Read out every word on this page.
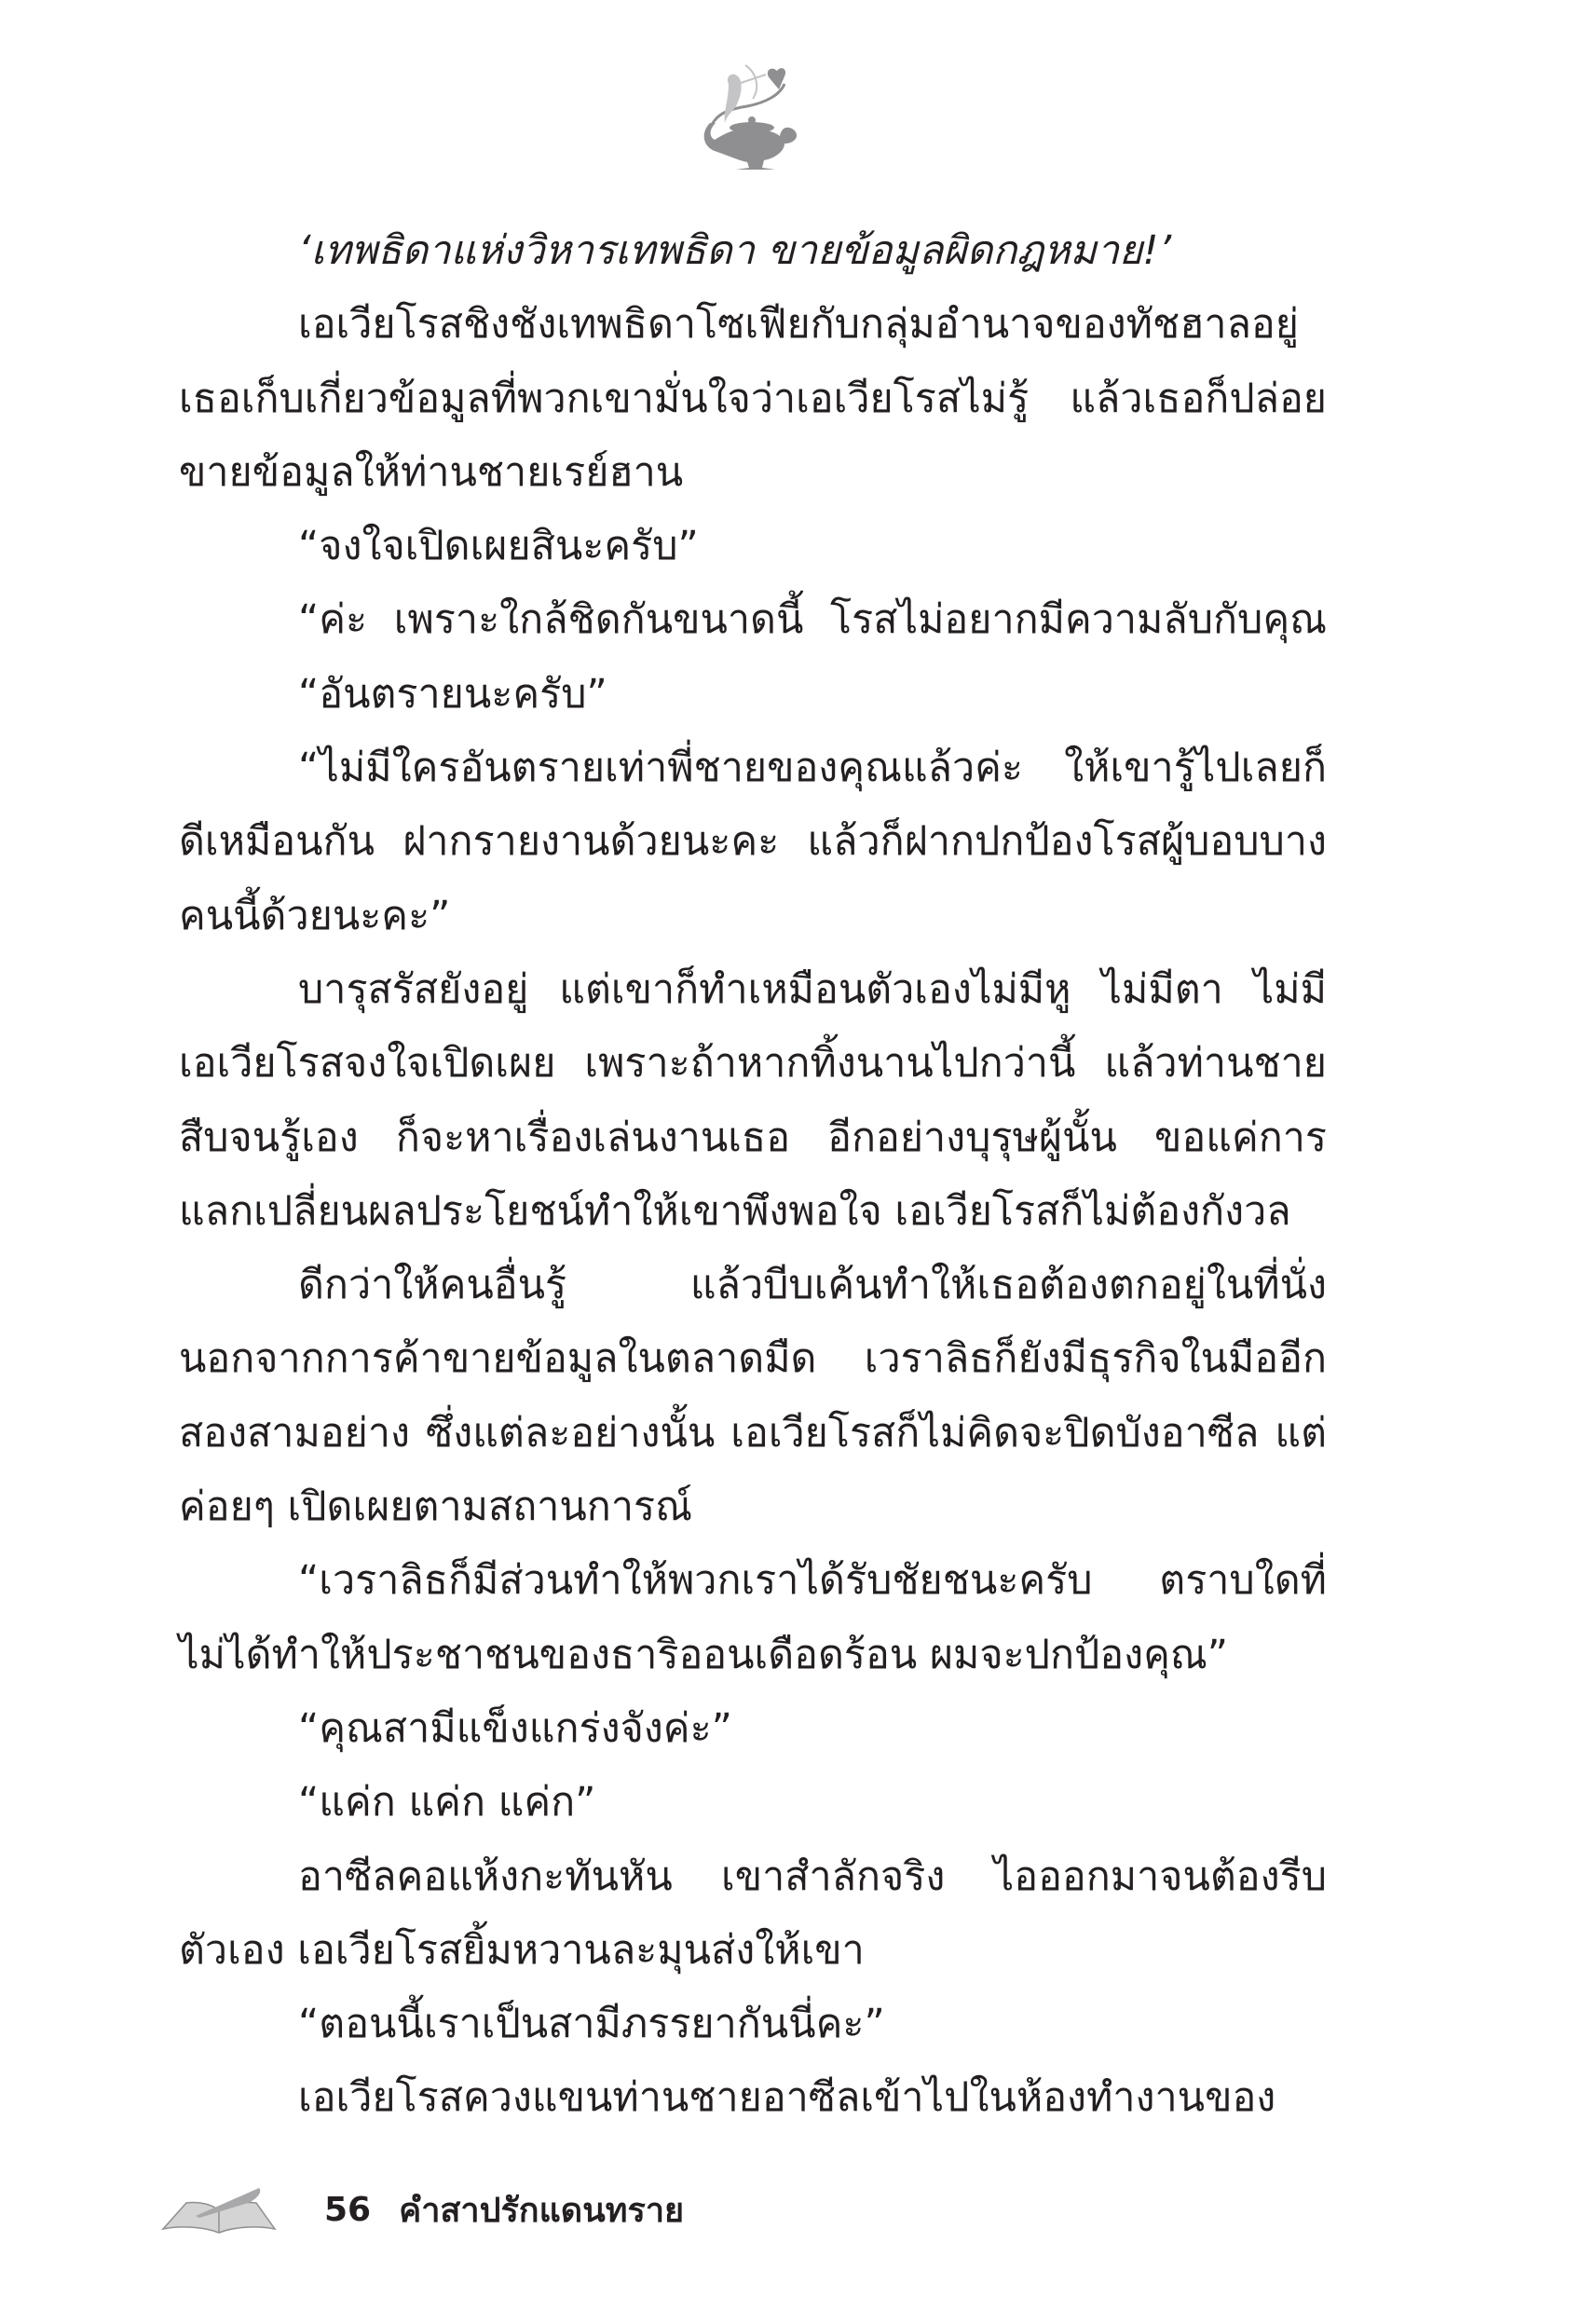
‘เทพธิดาแห่งวิหารเทพธิดา ขายข้อมูลผิดกฎหมาย!’
เอเวียโรสชิงชังเทพธิดาโซเฟียกับกลุ่มอำนาจของทัชฮาลอยู่
เธอเก็บเกี่ยวข้อมูลที่พวกเขามั่นใจว่าเอเวียโรสไม่รู้ แล้วเธอก็ปล่อย
ขายข้อมูลให้ท่านชายเรย์ฮาน
“จงใจเปิดเผยสินะครับ”
“ค่ะ เพราะใกล้ชิดกันขนาดนี้ โรสไม่อยากมีความลับกับคุณ
“อันตรายนะครับ”
“ไม่มีใครอันตรายเท่าพี่ชายของคุณแล้วค่ะ ให้เขารู้ไปเลยก็
ดีเหมือนกัน ฝากรายงานด้วยนะคะ แล้วก็ฝากปกป้องโรสผู้บอบบาง
คนนี้ด้วยนะคะ”
บารุสรัสยังอยู่ แต่เขาก็ทำเหมือนตัวเองไม่มีหู ไม่มีตา ไม่มี
เอเวียโรสจงใจเปิดเผย เพราะถ้าหากทิ้งนานไปกว่านี้ แล้วท่านชาย
สืบจนรู้เอง ก็จะหาเรื่องเล่นงานเธอ อีกอย่างบุรุษผู้นั้น ขอแค่การ
แลกเปลี่ยนผลประโยชน์ทำให้เขาพึงพอใจ เอเวียโรสก็ไม่ต้องกังวล
ดีกว่าให้คนอื่นรู้ แล้วบีบเค้นทำให้เธอต้องตกอยู่ในที่นั่ง
นอกจากการค้าขายข้อมูลในตลาดมืด เวราลิธก็ยังมีธุรกิจในมืออีก
สองสามอย่าง ซึ่งแต่ละอย่างนั้น เอเวียโรสก็ไม่คิดจะปิดบังอาซีล แต่
ค่อยๆ เปิดเผยตามสถานการณ์
“เวราลิธก็มีส่วนทำให้พวกเราได้รับชัยชนะครับ ตราบใดที่
ไม่ได้ทำให้ประชาชนของธาริออนเดือดร้อน ผมจะปกป้องคุณ”
“คุณสามีแข็งแกร่งจังค่ะ”
“แค่ก แค่ก แค่ก”
อาซีลคอแห้งกะทันหัน เขาสำลักจริง ไอออกมาจนต้องรีบ
ตัวเอง เอเวียโรสยิ้มหวานละมุนส่งให้เขา
“ตอนนี้เราเป็นสามีภรรยากันนี่คะ”
เอเวียโรสควงแขนท่านชายอาซีลเข้าไปในห้องทำงานของ
56 คำสาปรักแดนทราย
